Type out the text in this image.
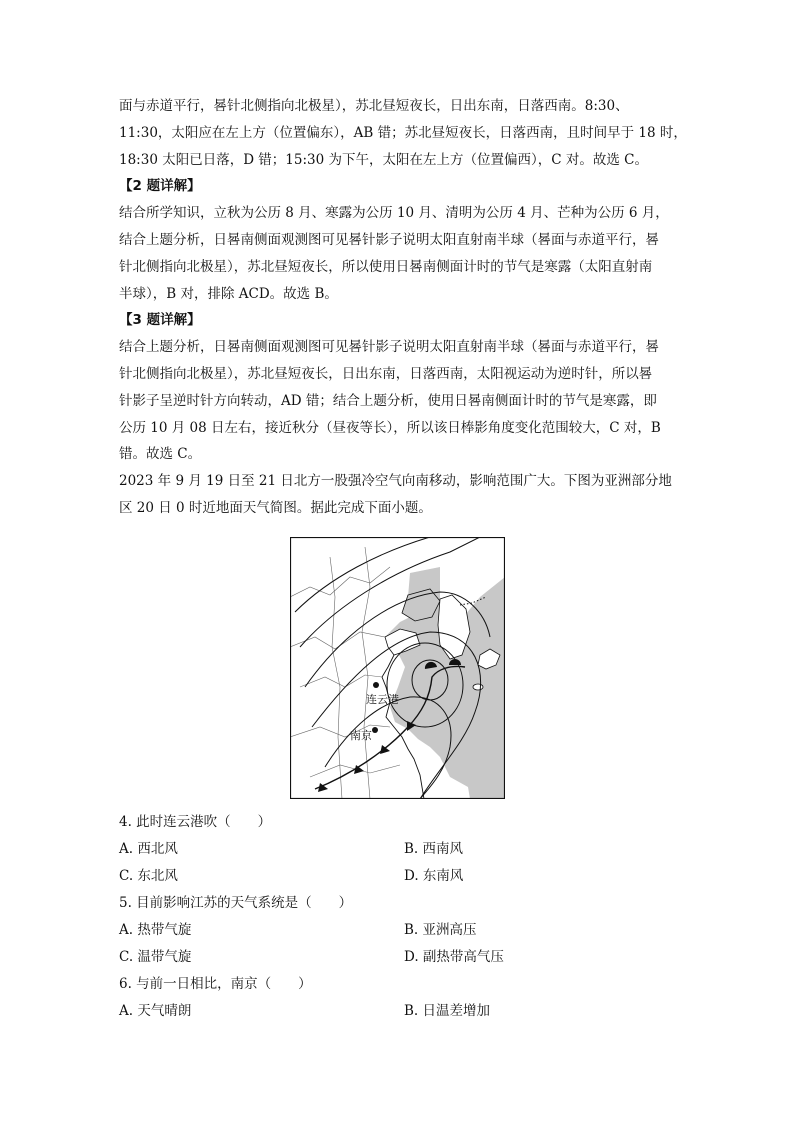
面与赤道平行，晷针北侧指向北极星），苏北昼短夜长，日出东南，日落西南。8:30、

11:30，太阳应在左上方（位置偏东），AB 错；苏北昼短夜长，日落西南，且时间早于 18 时，

18:30 太阳已日落，D 错；15:30 为下午，太阳在左上方（位置偏西），C 对。故选 C。

【2 题详解】

结合所学知识，立秋为公历 8 月、寒露为公历 10 月、清明为公历 4 月、芒种为公历 6 月，

结合上题分析，日晷南侧面观测图可见晷针影子说明太阳直射南半球（晷面与赤道平行，晷

针北侧指向北极星），苏北昼短夜长，所以使用日晷南侧面计时的节气是寒露（太阳直射南

半球），B 对，排除 ACD。故选 B。

【3 题详解】

结合上题分析，日晷南侧面观测图可见晷针影子说明太阳直射南半球（晷面与赤道平行，晷

针北侧指向北极星），苏北昼短夜长，日出东南，日落西南，太阳视运动为逆时针，所以晷

针影子呈逆时针方向转动，AD 错；结合上题分析，使用日晷南侧面计时的节气是寒露，即

公历 10 月 08 日左右，接近秋分（昼夜等长），所以该日棒影角度变化范围较大，C 对，B

错。故选 C。

2023 年 9 月 19 日至 21 日北方一股强冷空气向南移动，影响范围广大。下图为亚洲部分地

区 20 日 0 时近地面天气简图。据此完成下面小题。

连云港
南京
4. 此时连云港吹（　　）
A. 西北风	B. 西南风
C. 东北风	D. 东南风
5. 目前影响江苏的天气系统是（　　）
A. 热带气旋	B. 亚洲高压
C. 温带气旋	D. 副热带高气压
6. 与前一日相比，南京（　　）
A. 天气晴朗	B. 日温差增加
